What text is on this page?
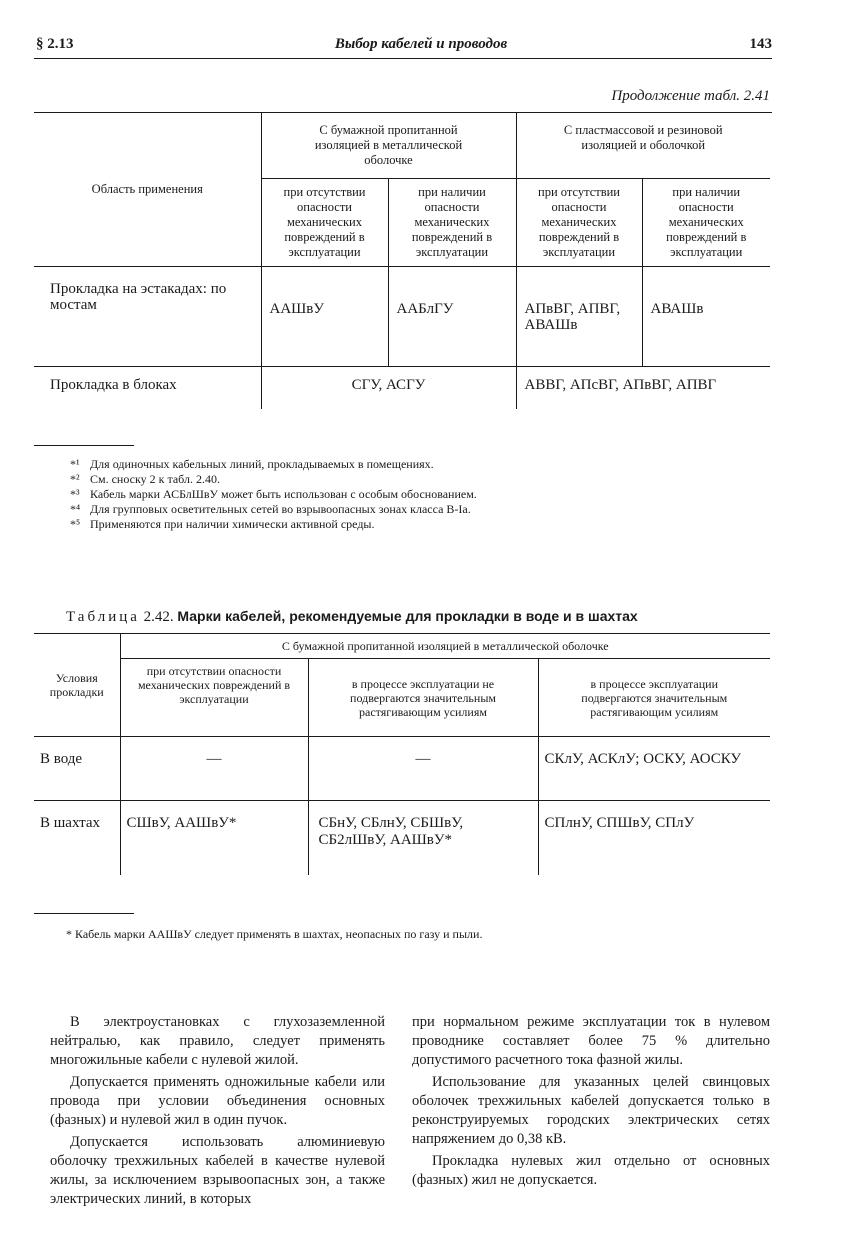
§ 2.13	Выбор кабелей и проводов	143
Продолжение табл. 2.41
Область применения	С бумажной пропитанной изоляцией в металлической оболочке		С пластмассовой и резиновой изоляцией и оболочкой	
	при отсутствии опасности механических повреждений в эксплуатации	при наличии опасности механических повреждений в эксплуатации	при отсутствии опасности механических повреждений в эксплуатации	при наличии опасности механических повреждений в эксплуатации
Прокладка на эстакадах: по мостам	ААШвУ	ААБлГУ	АПвВГ, АПВГ, АВАШв	АВАШв
Прокладка в блоках	СГУ, АСГУ		АВВГ, АПсВГ, АПвВГ, АПВГ	
*¹ Для одиночных кабельных линий, прокладываемых в помещениях.
*² См. сноску 2 к табл. 2.40.
*³ Кабель марки АСБлШвУ может быть использован с особым обоснованием.
*⁴ Для групповых осветительных сетей во взрывоопасных зонах класса В-Iа.
*⁵ Применяются при наличии химически активной среды.
Таблица 2.42. Марки кабелей, рекомендуемые для прокладки в воде и в шахтах
Условия прокладки	С бумажной пропитанной изоляцией в металлической оболочке		
	при отсутствии опасности механических повреждений в эксплуатации	в процессе эксплуатации не подвергаются значительным растягивающим усилиям	в процессе эксплуатации подвергаются значительным растягивающим усилиям
В воде	—	—	СКлУ, АСКлУ; ОСКУ, АОСКУ
В шахтах	СШвУ, ААШвУ*	СБнУ, СБлнУ, СБШвУ, СБ2лШвУ, ААШвУ*	СПлнУ, СПШвУ, СПлУ
* Кабель марки ААШвУ следует применять в шахтах, неопасных по газу и пыли.

В электроустановках с глухозаземленной нейтралью, как правило, следует применять многожильные кабели с нулевой жилой.

Допускается применять одножильные кабели или провода при условии объединения основных (фазных) и нулевой жил в один пучок.

Допускается использовать алюминиевую оболочку трехжильных кабелей в качестве нулевой жилы, за исключением взрывоопасных зон, а также электрических линий, в которых

при нормальном режиме эксплуатации ток в нулевом проводнике составляет более 75 % длительно допустимого расчетного тока фазной жилы.

Использование для указанных целей свинцовых оболочек трехжильных кабелей допускается только в реконструируемых городских электрических сетях напряжением до 0,38 кВ.

Прокладка нулевых жил отдельно от основных (фазных) жил не допускается.
